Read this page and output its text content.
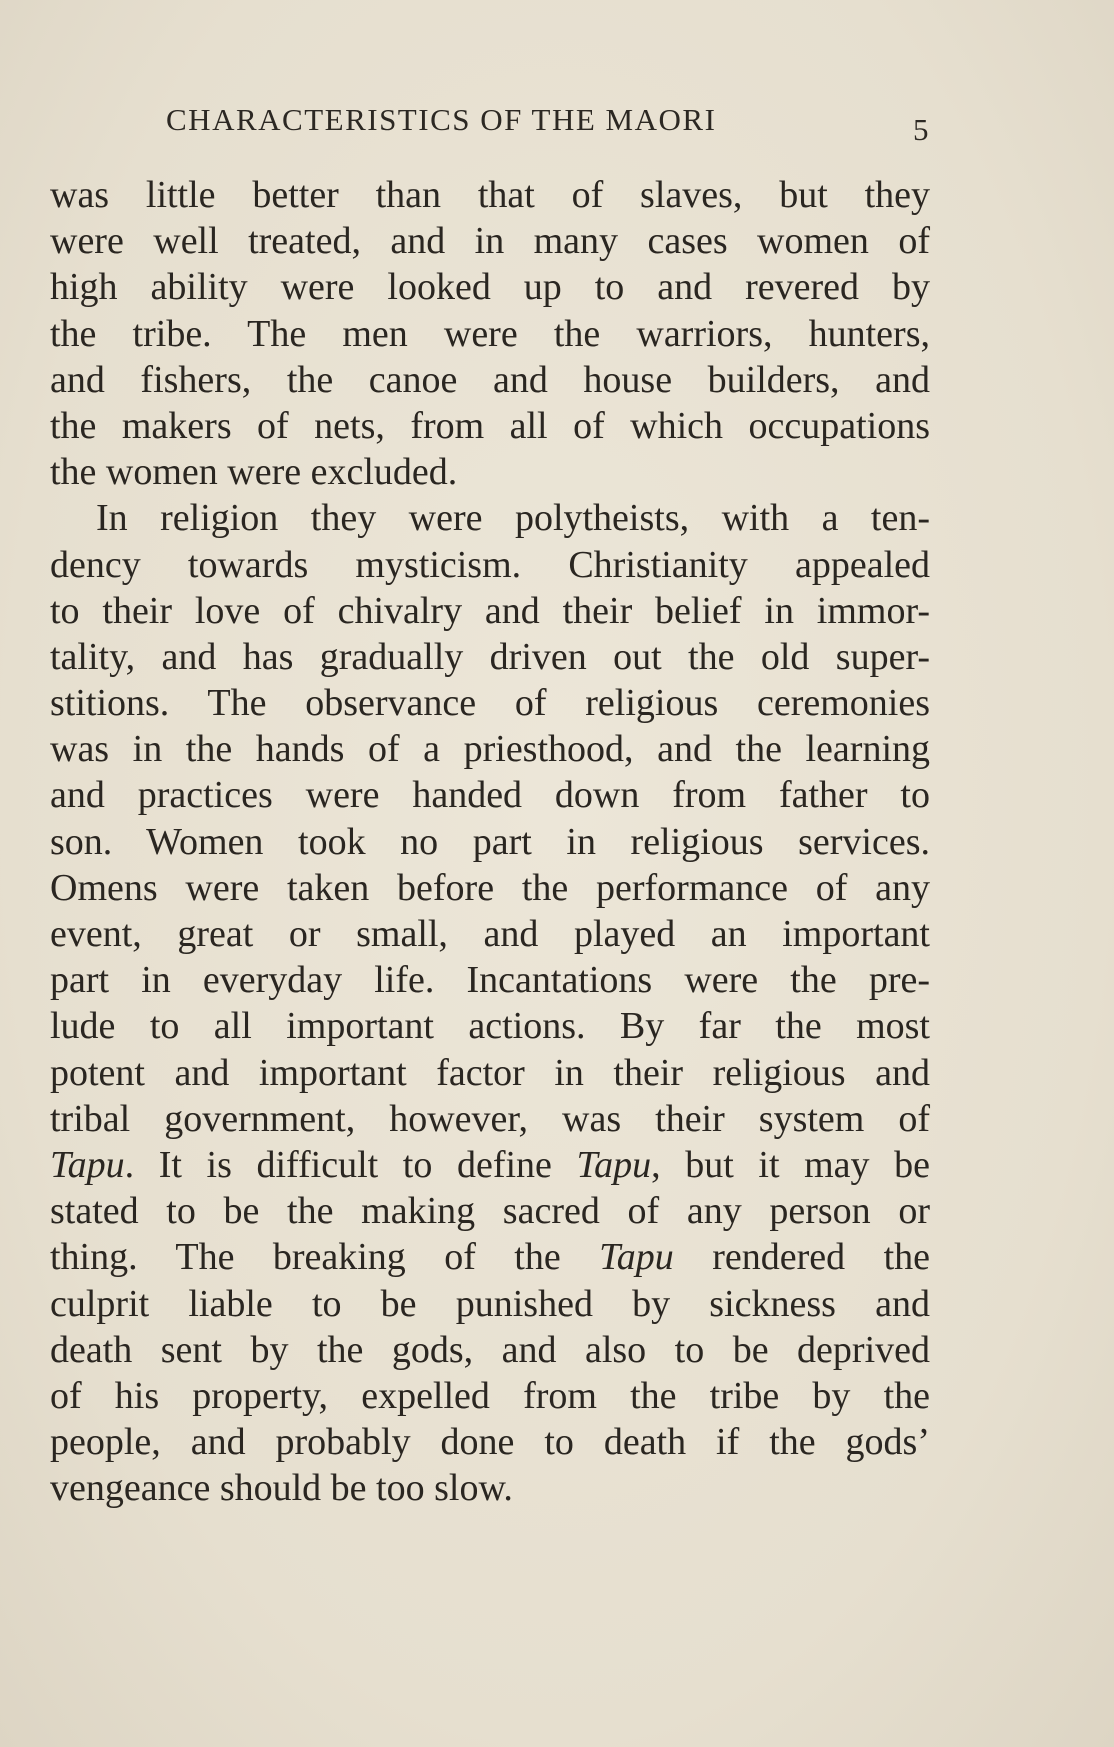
CHARACTERISTICS OF THE MAORI	5
was little better than that of slaves, but they
were well treated, and in many cases women of
high ability were looked up to and revered by
the tribe. The men were the warriors, hunters,
and fishers, the canoe and house builders, and
the makers of nets, from all of which occupations
the women were excluded.
In religion they were polytheists, with a ten-
dency towards mysticism. Christianity appealed
to their love of chivalry and their belief in immor-
tality, and has gradually driven out the old super-
stitions. The observance of religious ceremonies
was in the hands of a priesthood, and the learning
and practices were handed down from father to
son. Women took no part in religious services.
Omens were taken before the performance of any
event, great or small, and played an important
part in everyday life. Incantations were the pre-
lude to all important actions. By far the most
potent and important factor in their religious and
tribal government, however, was their system of
Tapu. It is difficult to define Tapu, but it may be
stated to be the making sacred of any person or
thing. The breaking of the Tapu rendered the
culprit liable to be punished by sickness and
death sent by the gods, and also to be deprived
of his property, expelled from the tribe by the
people, and probably done to death if the gods’
vengeance should be too slow.
